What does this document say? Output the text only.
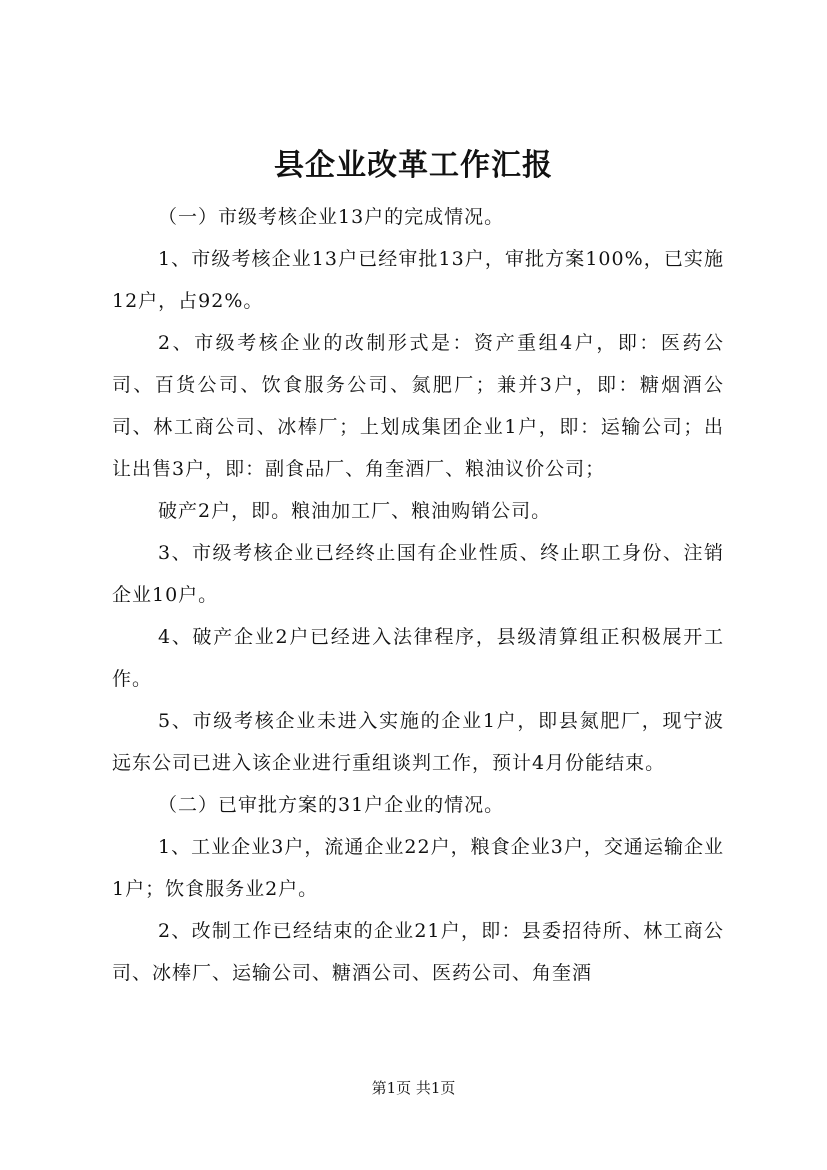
县企业改革工作汇报

（一）市级考核企业13户的完成情况。

1、市级考核企业13户已经审批13户，审批方案100%，已实施12户，占92%。

2、市级考核企业的改制形式是：资产重组4户，即：医药公司、百货公司、饮食服务公司、氮肥厂；兼并3户，即：糖烟酒公司、林工商公司、冰棒厂；上划成集团企业1户，即：运输公司；出让出售3户，即：副食品厂、角奎酒厂、粮油议价公司；

破产2户，即。粮油加工厂、粮油购销公司。

3、市级考核企业已经终止国有企业性质、终止职工身份、注销企业10户。

4、破产企业2户已经进入法律程序，县级清算组正积极展开工作。

5、市级考核企业未进入实施的企业1户，即县氮肥厂，现宁波远东公司已进入该企业进行重组谈判工作，预计4月份能结束。

（二）已审批方案的31户企业的情况。

1、工业企业3户，流通企业22户，粮食企业3户，交通运输企业1户；饮食服务业2户。

2、改制工作已经结束的企业21户，即：县委招待所、林工商公司、冰棒厂、运输公司、糖酒公司、医药公司、角奎酒

第1页 共1页
